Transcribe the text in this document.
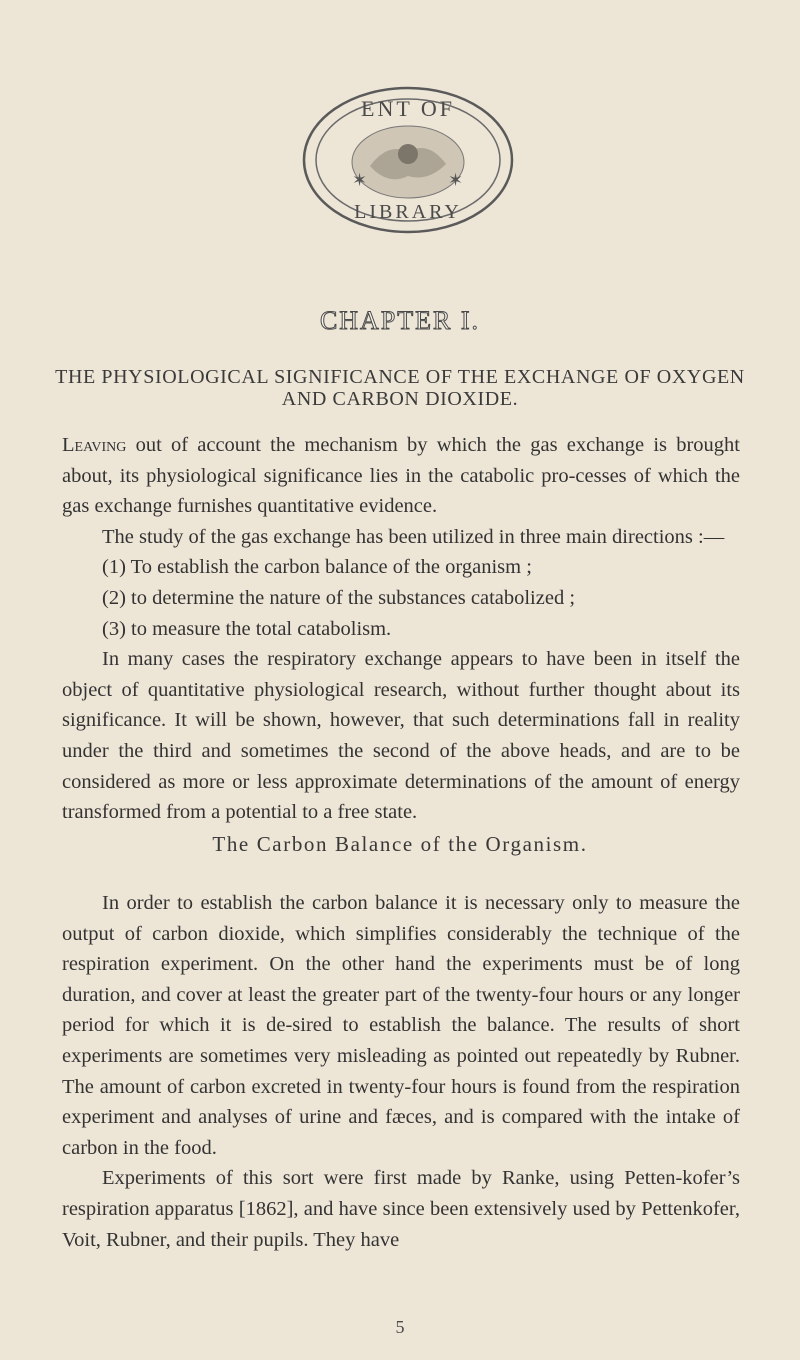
✶	✶
ENT OF
LIBRARY
CHAPTER I.
THE PHYSIOLOGICAL SIGNIFICANCE OF THE EXCHANGE OF OXYGEN
AND CARBON DIOXIDE.

Leaving out of account the mechanism by which the gas exchange is brought about, its physiological significance lies in the catabolic pro-cesses of which the gas exchange furnishes quantitative evidence.

The study of the gas exchange has been utilized in three main directions :—

(1) To establish the carbon balance of the organism ;

(2) to determine the nature of the substances catabolized ;

(3) to measure the total catabolism.

In many cases the respiratory exchange appears to have been in itself the object of quantitative physiological research, without further thought about its significance. It will be shown, however, that such determinations fall in reality under the third and sometimes the second of the above heads, and are to be considered as more or less approximate determinations of the amount of energy transformed from a potential to a free state.

The Carbon Balance of the Organism.

In order to establish the carbon balance it is necessary only to measure the output of carbon dioxide, which simplifies considerably the technique of the respiration experiment. On the other hand the experiments must be of long duration, and cover at least the greater part of the twenty-four hours or any longer period for which it is de-sired to establish the balance. The results of short experiments are sometimes very misleading as pointed out repeatedly by Rubner. The amount of carbon excreted in twenty-four hours is found from the respiration experiment and analyses of urine and fæces, and is compared with the intake of carbon in the food.

Experiments of this sort were first made by Ranke, using Petten-kofer’s respiration apparatus [1862], and have since been extensively used by Pettenkofer, Voit, Rubner, and their pupils. They have

5
